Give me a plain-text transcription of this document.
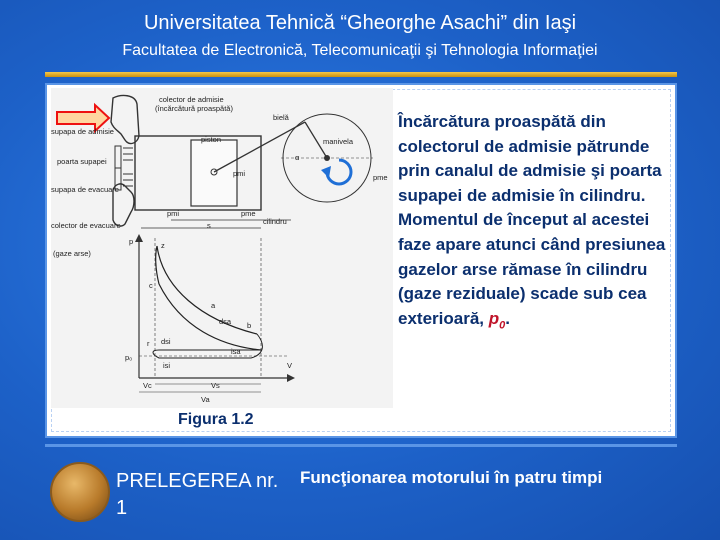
Universitatea Tehnică “Gheorghe Asachi” din Iaşi
Facultatea de Electronică, Telecomunicaţii şi Tehnologia Informaţiei
colector de admisie
(încărcătură proaspătă)
supapa de admisie
poarta supapei
supapa de evacuare
colector de evacuare
(gaze arse)
piston
bielă
manivela
pmi	pme
cilindru
pmi	pme
s
α
p	z
c
a
b
r
dsa
dsi
isa
isi
p₀
V
Vc	Vs
Va
Încărcătura proaspătă din colectorul de admisie pătrunde prin canalul de admisie şi poarta supapei de admisie în cilindru. Momentul de început al acestei faze apare atunci când presiunea gazelor arse rămase în cilindru (gaze reziduale) scade sub cea exterioară, $p_0$.
Figura 1.2
PRELEGEREA nr. 1
Funcţionarea motorului în patru timpi
